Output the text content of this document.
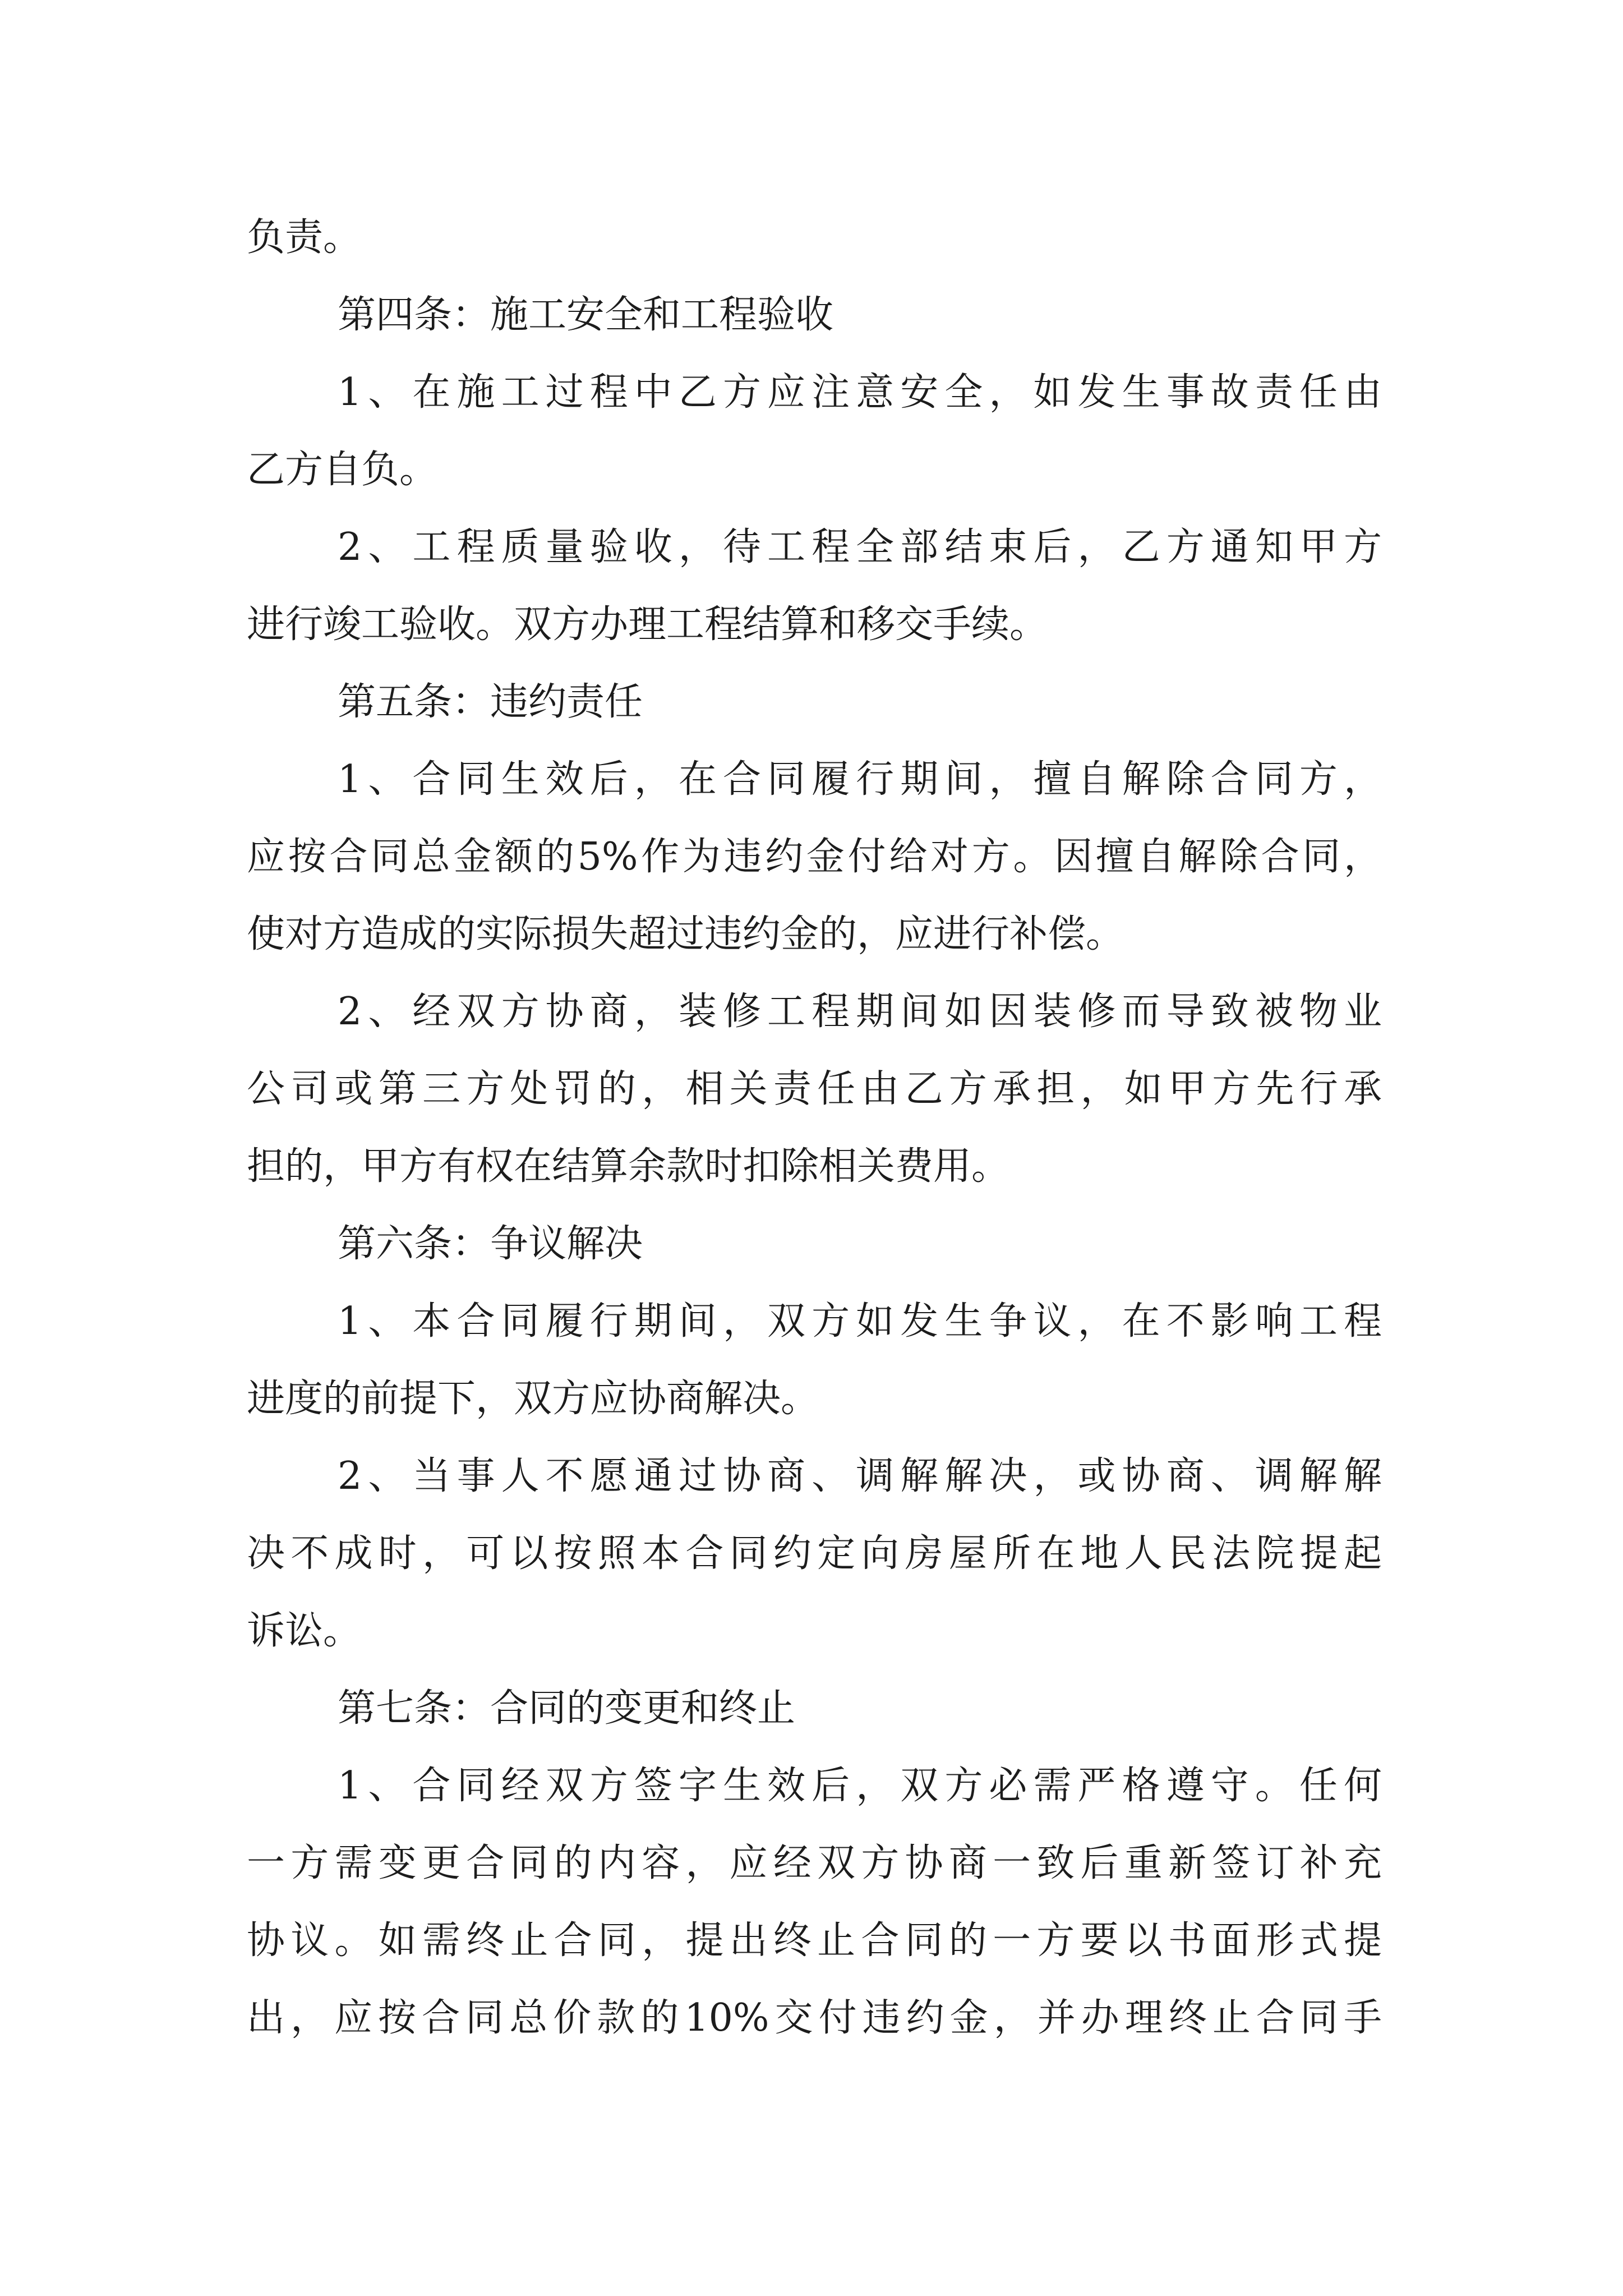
负责。
第四条：施工安全和工程验收
1、在施工过程中乙方应注意安全，如发生事故责任由
乙方自负。
2、工程质量验收，待工程全部结束后，乙方通知甲方
进行竣工验收。双方办理工程结算和移交手续。
第五条：违约责任
1、合同生效后，在合同履行期间，擅自解除合同方，
应按合同总金额的5%作为违约金付给对方。因擅自解除合同，
使对方造成的实际损失超过违约金的，应进行补偿。
2、经双方协商，装修工程期间如因装修而导致被物业
公司或第三方处罚的，相关责任由乙方承担，如甲方先行承
担的，甲方有权在结算余款时扣除相关费用。
第六条：争议解决
1、本合同履行期间，双方如发生争议，在不影响工程
进度的前提下，双方应协商解决。
2、当事人不愿通过协商、调解解决，或协商、调解解
决不成时，可以按照本合同约定向房屋所在地人民法院提起
诉讼。
第七条：合同的变更和终止
1、合同经双方签字生效后，双方必需严格遵守。任何
一方需变更合同的内容，应经双方协商一致后重新签订补充
协议。如需终止合同，提出终止合同的一方要以书面形式提
出，应按合同总价款的10%交付违约金，并办理终止合同手
